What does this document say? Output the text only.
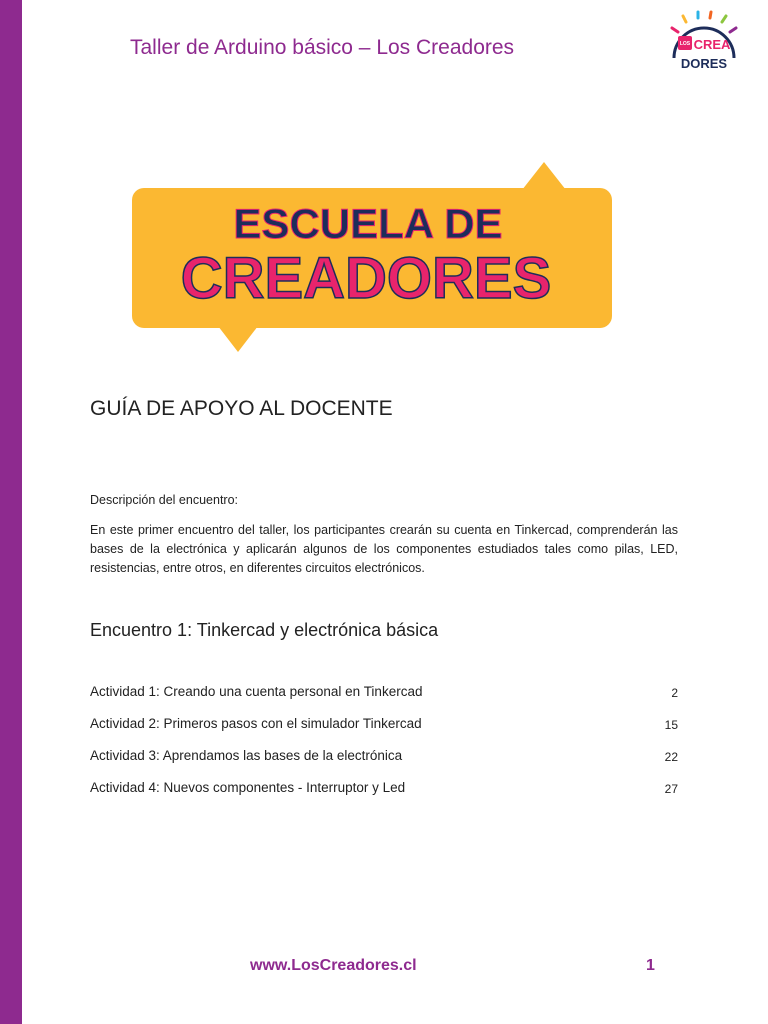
Taller de Arduino básico – Los Creadores	LOS CREA
DORES
ESCUELA DE
CREADORES
GUÍA DE APOYO AL DOCENTE
Descripción del encuentro:
En este primer encuentro del taller, los participantes crearán su cuenta en Tinkercad, comprenderán las bases de la electrónica y aplicarán algunos de los componentes estudiados tales como pilas, LED, resistencias, entre otros, en diferentes circuitos electrónicos.
Encuentro 1: Tinkercad y electrónica básica
Actividad 1: Creando una cuenta personal en Tinkercad	2
Actividad 2: Primeros pasos con el simulador Tinkercad	15
Actividad 3: Aprendamos las bases de la electrónica	22
Actividad 4: Nuevos componentes - Interruptor y Led	27
www.LosCreadores.cl	1
